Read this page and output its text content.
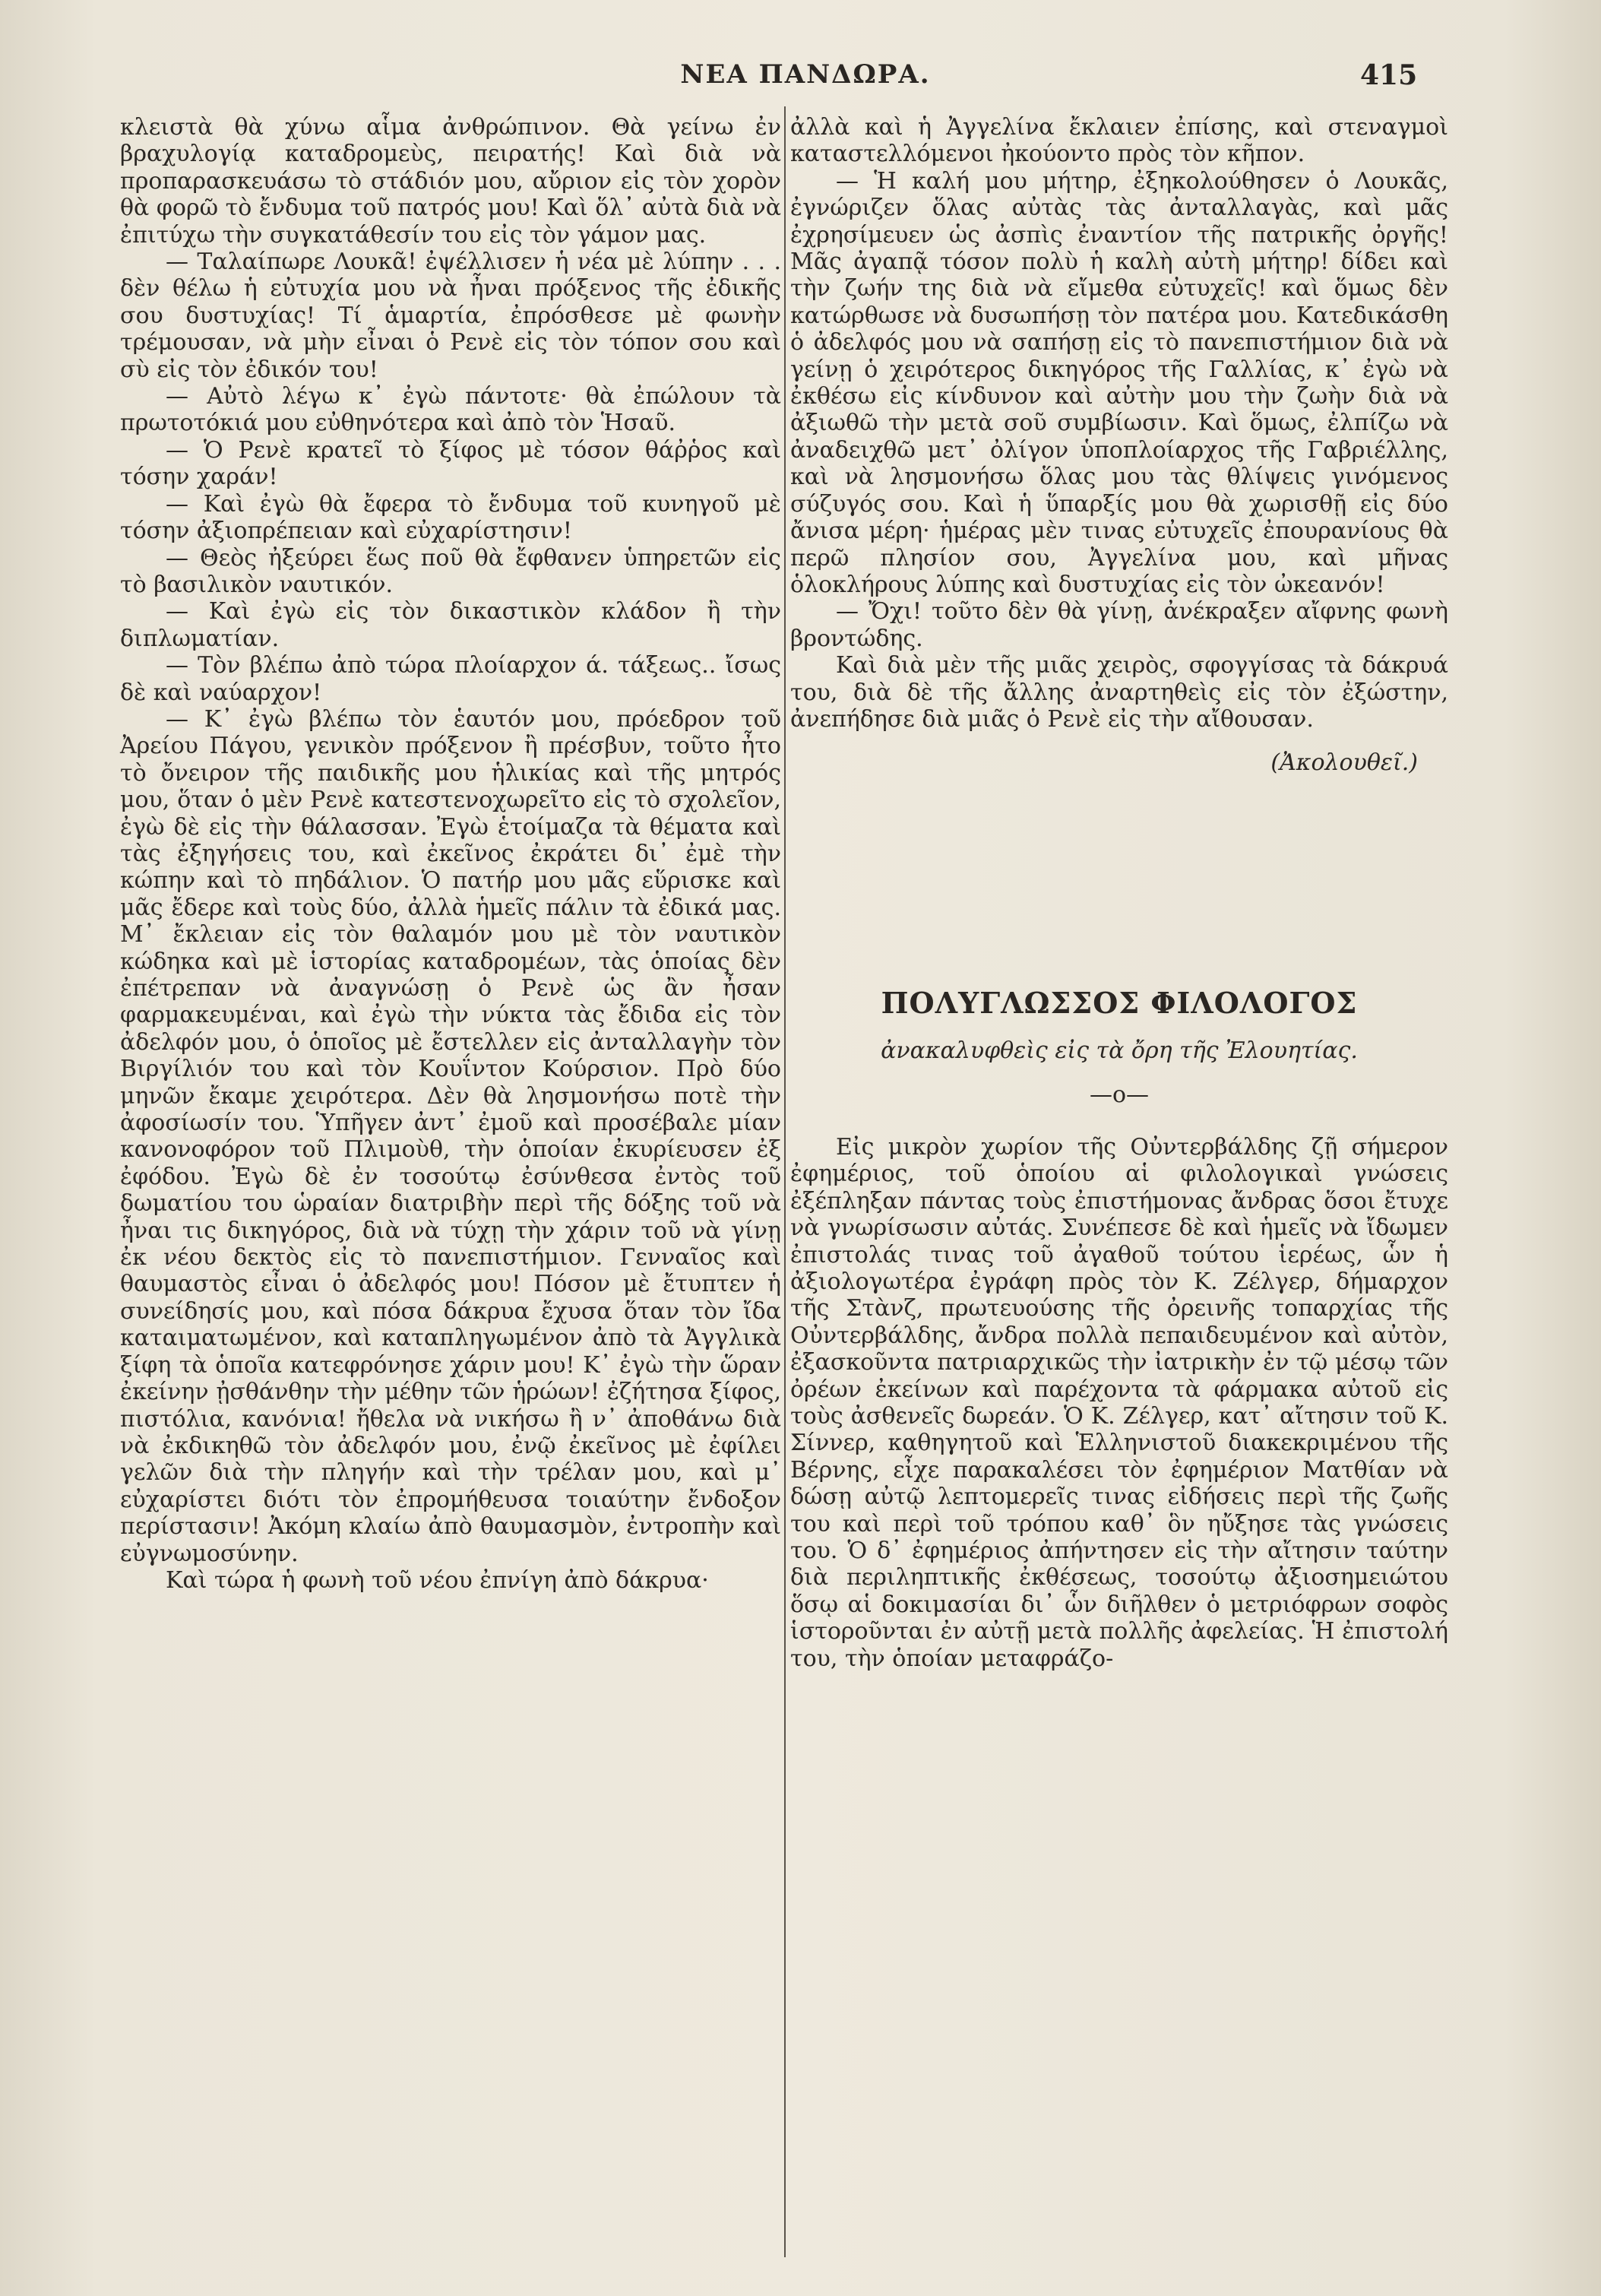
ΝΕΑ ΠΑΝΔΩΡΑ.	415

κλειστὰ θὰ χύνω αἷμα ἀνθρώπινον. Θὰ γείνω ἐν βραχυλογίᾳ καταδρομεὺς, πειρατής! Καὶ διὰ νὰ προπαρασκευάσω τὸ στάδιόν μου, αὔριον εἰς τὸν χορὸν θὰ φορῶ τὸ ἔνδυμα τοῦ πατρός μου! Καὶ ὅλ᾽ αὐτὰ διὰ νὰ ἐπιτύχω τὴν συγκατάθεσίν του εἰς τὸν γάμον μας.

— Ταλαίπωρε Λουκᾶ! ἐψέλλισεν ἡ νέα μὲ λύπην . . . δὲν θέλω ἡ εὐτυχία μου νὰ ἦναι πρόξενος τῆς ἐδικῆς σου δυστυχίας! Τί ἁμαρτία, ἐπρόσθεσε μὲ φωνὴν τρέμουσαν, νὰ μὴν εἶναι ὁ Ρενὲ εἰς τὸν τόπον σου καὶ σὺ εἰς τὸν ἐδικόν του!

— Αὐτὸ λέγω κ᾽ ἐγὼ πάντοτε· θὰ ἐπώλουν τὰ πρωτοτόκιά μου εὐθηνότερα καὶ ἀπὸ τὸν Ἡσαῦ.

— Ὁ Ρενὲ κρατεῖ τὸ ξίφος μὲ τόσον θάῤῥος καὶ τόσην χαράν!

— Καὶ ἐγὼ θὰ ἔφερα τὸ ἔνδυμα τοῦ κυνηγοῦ μὲ τόσην ἀξιοπρέπειαν καὶ εὐχαρίστησιν!

— Θεὸς ἠξεύρει ἕως ποῦ θὰ ἔφθανεν ὑπηρετῶν εἰς τὸ βασιλικὸν ναυτικόν.

— Καὶ ἐγὼ εἰς τὸν δικαστικὸν κλάδον ἢ τὴν διπλωματίαν.

— Τὸν βλέπω ἀπὸ τώρα πλοίαρχον ά. τάξεως.. ἴσως δὲ καὶ ναύαρχον!

— Κ᾽ ἐγὼ βλέπω τὸν ἑαυτόν μου, πρόεδρον τοῦ Ἀρείου Πάγου, γενικὸν πρόξενον ἢ πρέσβυν, τοῦτο ἦτο τὸ ὄνειρον τῆς παιδικῆς μου ἡλικίας καὶ τῆς μητρός μου, ὅταν ὁ μὲν Ρενὲ κατεστενοχωρεῖτο εἰς τὸ σχολεῖον, ἐγὼ δὲ εἰς τὴν θάλασσαν. Ἐγὼ ἑτοίμαζα τὰ θέματα καὶ τὰς ἐξηγήσεις του, καὶ ἐκεῖνος ἐκράτει δι᾽ ἐμὲ τὴν κώπην καὶ τὸ πηδάλιον. Ὁ πατήρ μου μᾶς εὕρισκε καὶ μᾶς ἔδερε καὶ τοὺς δύο, ἀλλὰ ἡμεῖς πάλιν τὰ ἐδικά μας. Μ᾽ ἔκλειαν εἰς τὸν θαλαμόν μου μὲ τὸν ναυτικὸν κώδηκα καὶ μὲ ἱστορίας καταδρομέων, τὰς ὁποίας δὲν ἐπέτρεπαν νὰ ἀναγνώσῃ ὁ Ρενὲ ὡς ἂν ἦσαν φαρμακευμέναι, καὶ ἐγὼ τὴν νύκτα τὰς ἔδιδα εἰς τὸν ἀδελφόν μου, ὁ ὁποῖος μὲ ἔστελλεν εἰς ἀνταλλαγὴν τὸν Βιργίλιόν του καὶ τὸν Κουΐντον Κούρσιον. Πρὸ δύο μηνῶν ἔκαμε χειρότερα. Δὲν θὰ λησμονήσω ποτὲ τὴν ἀφοσίωσίν του. Ὑπῆγεν ἀντ᾽ ἐμοῦ καὶ προσέβαλε μίαν κανονοφόρον τοῦ Πλιμοὺθ, τὴν ὁποίαν ἐκυρίευσεν ἐξ ἐφόδου. Ἐγὼ δὲ ἐν τοσούτῳ ἐσύνθεσα ἐντὸς τοῦ δωματίου του ὡραίαν διατριβὴν περὶ τῆς δόξης τοῦ νὰ ἦναι τις δικηγόρος, διὰ νὰ τύχῃ τὴν χάριν τοῦ νὰ γίνῃ ἐκ νέου δεκτὸς εἰς τὸ πανεπιστήμιον. Γενναῖος καὶ θαυμαστὸς εἶναι ὁ ἀδελφός μου! Πόσον μὲ ἔτυπτεν ἡ συνείδησίς μου, καὶ πόσα δάκρυα ἔχυσα ὅταν τὸν ἴδα καταιματωμένον, καὶ καταπληγωμένον ἀπὸ τὰ Ἀγγλικὰ ξίφη τὰ ὁποῖα κατεφρόνησε χάριν μου! Κ᾽ ἐγὼ τὴν ὥραν ἐκείνην ᾐσθάνθην τὴν μέθην τῶν ἡρώων! ἐζήτησα ξίφος, πιστόλια, κανόνια! ἤθελα νὰ νικήσω ἢ ν᾽ ἀποθάνω διὰ νὰ ἐκδικηθῶ τὸν ἀδελφόν μου, ἐνῷ ἐκεῖνος μὲ ἐφίλει γελῶν διὰ τὴν πληγήν καὶ τὴν τρέλαν μου, καὶ μ᾽ εὐχαρίστει διότι τὸν ἐπρομήθευσα τοιαύτην ἔνδοξον περίστασιν! Ἀκόμη κλαίω ἀπὸ θαυμασμὸν, ἐντροπὴν καὶ εὐγνωμοσύνην.

Καὶ τώρα ἡ φωνὴ τοῦ νέου ἐπνίγη ἀπὸ δάκρυα·

ἀλλὰ καὶ ἡ Ἀγγελίνα ἔκλαιεν ἐπίσης, καὶ στεναγμοὶ καταστελλόμενοι ἠκούοντο πρὸς τὸν κῆπον.

— Ἡ καλή μου μήτηρ, ἐξηκολούθησεν ὁ Λουκᾶς, ἐγνώριζεν ὅλας αὐτὰς τὰς ἀνταλλαγὰς, καὶ μᾶς ἐχρησίμευεν ὡς ἀσπὶς ἐναντίον τῆς πατρικῆς ὀργῆς! Μᾶς ἀγαπᾷ τόσον πολὺ ἡ καλὴ αὐτὴ μήτηρ! δίδει καὶ τὴν ζωήν της διὰ νὰ εἴμεθα εὐτυχεῖς! καὶ ὅμως δὲν κατώρθωσε νὰ δυσωπήσῃ τὸν πατέρα μου. Κατεδικάσθη ὁ ἀδελφός μου νὰ σαπήσῃ εἰς τὸ πανεπιστήμιον διὰ νὰ γείνῃ ὁ χειρότερος δικηγόρος τῆς Γαλλίας, κ᾽ ἐγὼ νὰ ἐκθέσω εἰς κίνδυνον καὶ αὐτὴν μου τὴν ζωὴν διὰ νὰ ἀξιωθῶ τὴν μετὰ σοῦ συμβίωσιν. Καὶ ὅμως, ἐλπίζω νὰ ἀναδειχθῶ μετ᾽ ὀλίγον ὑποπλοίαρχος τῆς Γαβριέλλης, καὶ νὰ λησμονήσω ὅλας μου τὰς θλίψεις γινόμενος σύζυγός σου. Καὶ ἡ ὕπαρξίς μου θὰ χωρισθῇ εἰς δύο ἄνισα μέρη· ἡμέρας μὲν τινας εὐτυχεῖς ἐπουρανίους θὰ περῶ πλησίον σου, Ἀγγελίνα μου, καὶ μῆνας ὁλοκλήρους λύπης καὶ δυστυχίας εἰς τὸν ὠκεανόν!

— Ὄχι! τοῦτο δὲν θὰ γίνῃ, ἀνέκραξεν αἴφνης φωνὴ βροντώδης.

Καὶ διὰ μὲν τῆς μιᾶς χειρὸς, σφογγίσας τὰ δάκρυά του, διὰ δὲ τῆς ἄλλης ἀναρτηθεὶς εἰς τὸν ἐξώστην, ἀνεπήδησε διὰ μιᾶς ὁ Ρενὲ εἰς τὴν αἴθουσαν.

(Ἀκολουθεῖ.)

ΠΟΛΥΓΛΩΣΣΟΣ ΦΙΛΟΛΟΓΟΣ

ἀνακαλυφθεὶς εἰς τὰ ὄρη τῆς Ἐλουητίας.

—o—

Εἰς μικρὸν χωρίον τῆς Οὐντερβάλδης ζῇ σήμερον ἐφημέριος, τοῦ ὁποίου αἱ φιλολογικαὶ γνώσεις ἐξέπληξαν πάντας τοὺς ἐπιστήμονας ἄνδρας ὅσοι ἔτυχε νὰ γνωρίσωσιν αὐτάς. Συνέπεσε δὲ καὶ ἡμεῖς νὰ ἴδωμεν ἐπιστολάς τινας τοῦ ἀγαθοῦ τούτου ἱερέως, ὧν ἡ ἀξιολογωτέρα ἐγράφη πρὸς τὸν Κ. Ζέλγερ, δήμαρχον τῆς Στὰνζ, πρωτευούσης τῆς ὀρεινῆς τοπαρχίας τῆς Οὐντερβάλδης, ἄνδρα πολλὰ πεπαιδευμένον καὶ αὐτὸν, ἐξασκοῦντα πατριαρχικῶς τὴν ἰατρικὴν ἐν τῷ μέσῳ τῶν ὀρέων ἐκείνων καὶ παρέχοντα τὰ φάρμακα αὐτοῦ εἰς τοὺς ἀσθενεῖς δωρεάν. Ὁ Κ. Ζέλγερ, κατ᾽ αἴτησιν τοῦ Κ. Σίννερ, καθηγητοῦ καὶ Ἑλληνιστοῦ διακεκριμένου τῆς Βέρνης, εἶχε παρακαλέσει τὸν ἐφημέριον Ματθίαν νὰ δώσῃ αὐτῷ λεπτομερεῖς τινας εἰδήσεις περὶ τῆς ζωῆς του καὶ περὶ τοῦ τρόπου καθ᾽ ὃν ηὔξησε τὰς γνώσεις του. Ὁ δ᾽ ἐφημέριος ἀπήντησεν εἰς τὴν αἴτησιν ταύτην διὰ περιληπτικῆς ἐκθέσεως, τοσούτῳ ἀξιοσημειώτου ὅσῳ αἱ δοκιμασίαι δι᾽ ὧν διῆλθεν ὁ μετριόφρων σοφὸς ἱστοροῦνται ἐν αὐτῇ μετὰ πολλῆς ἀφελείας. Ἡ ἐπιστολή του, τὴν ὁποίαν μεταφράζο-
